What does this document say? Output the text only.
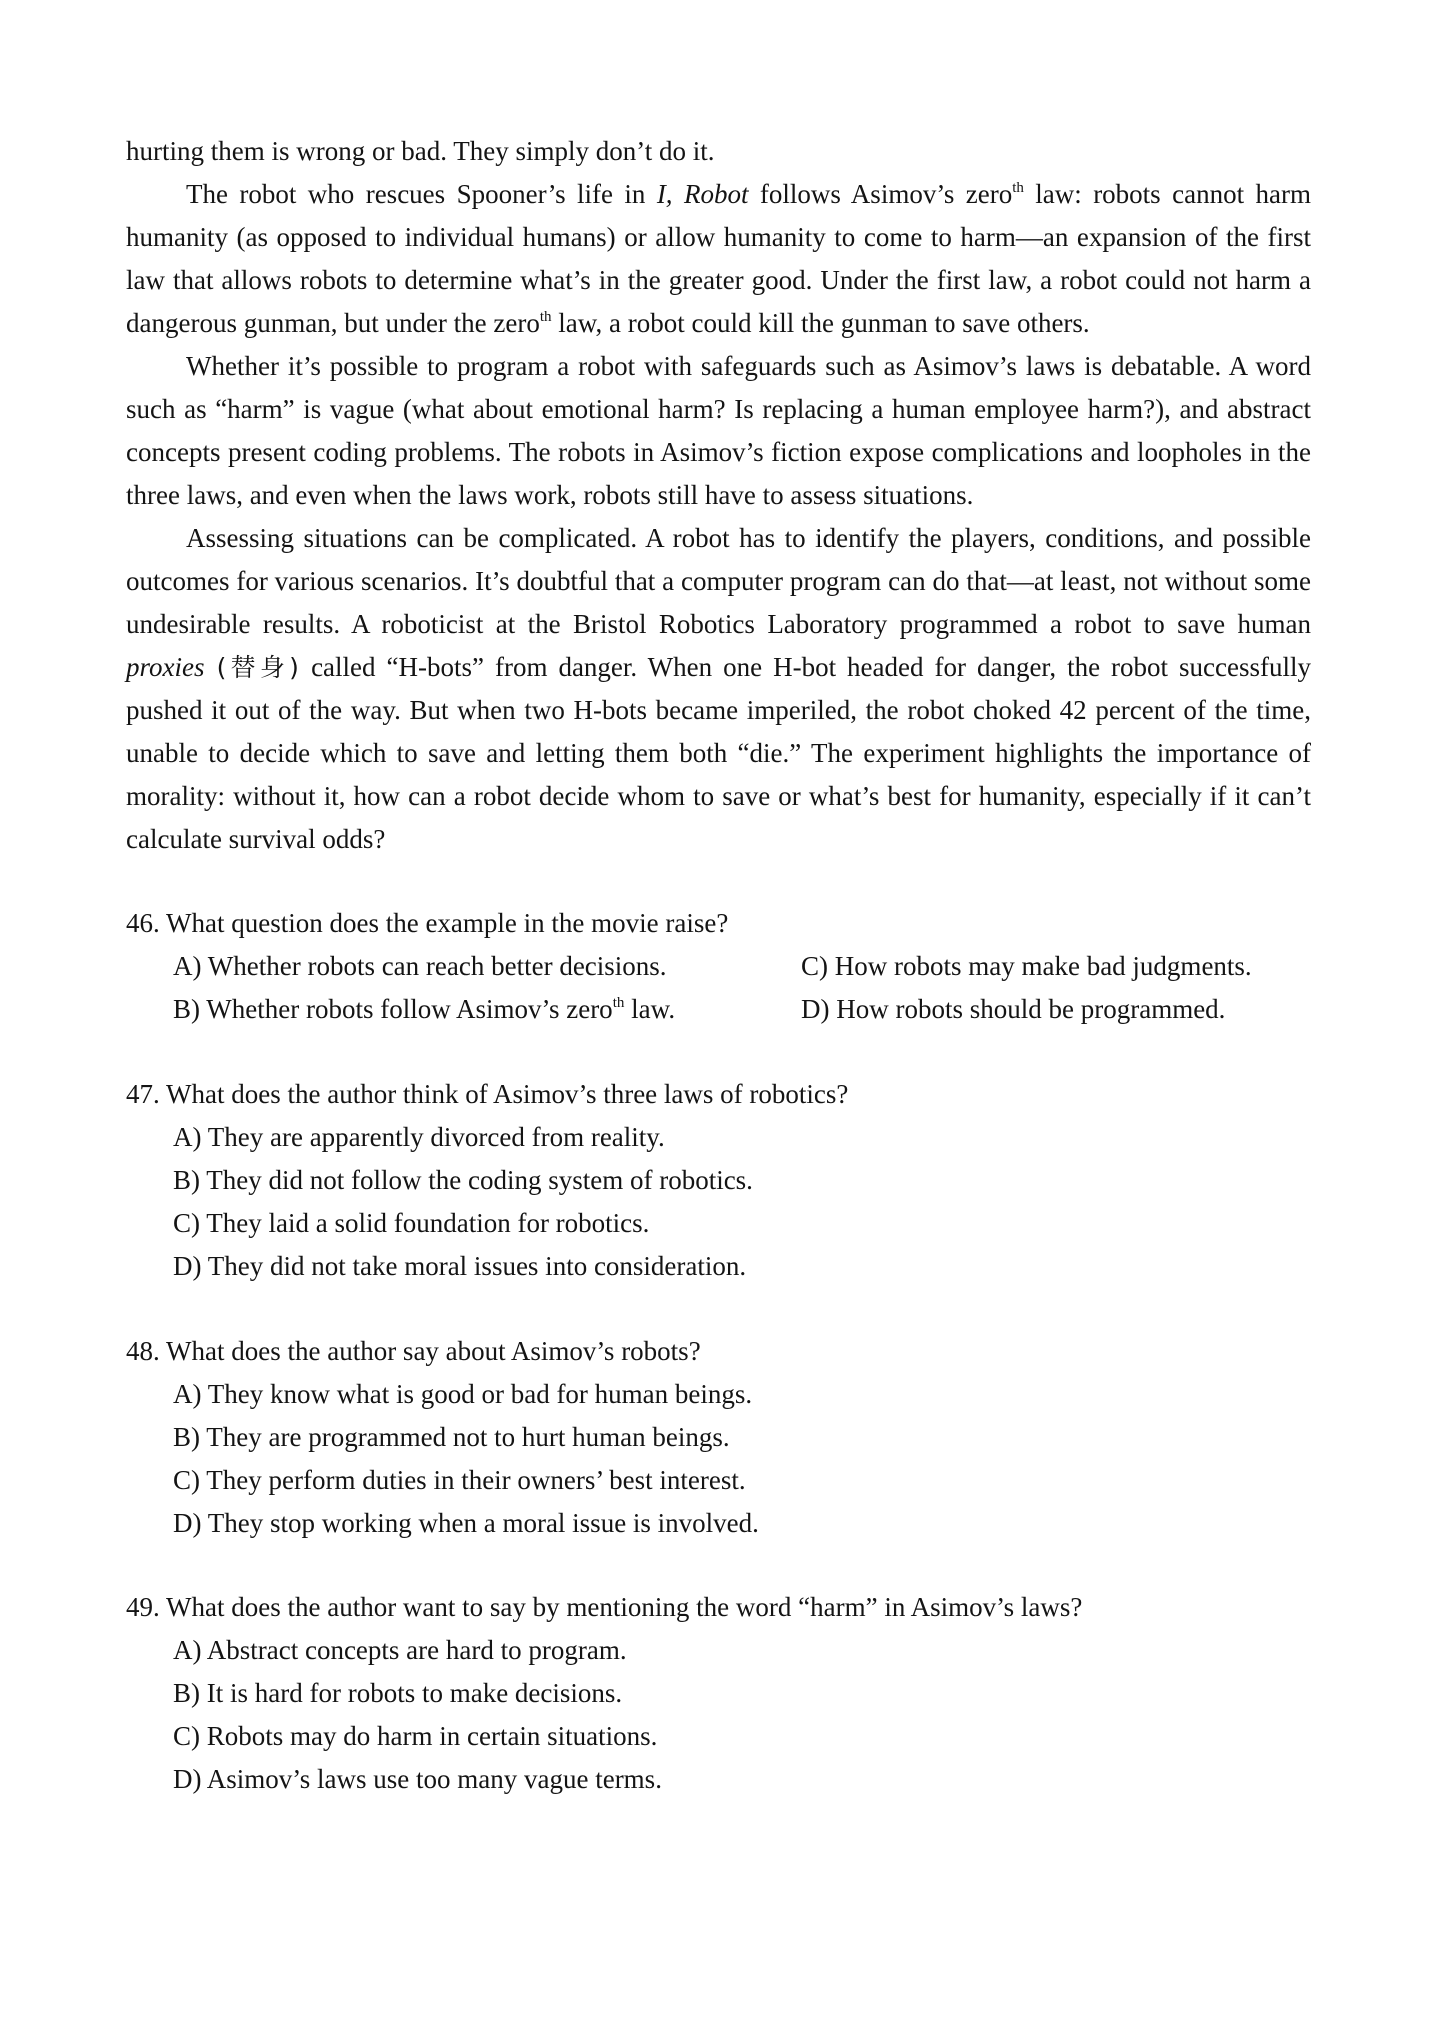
hurting them is wrong or bad. They simply don’t do it.

The robot who rescues Spooner’s life in I, Robot follows Asimov’s zero$^{th}$ law: robots cannot harm humanity (as opposed to individual humans) or allow humanity to come to harm—an expansion of the first law that allows robots to determine what’s in the greater good. Under the first law, a robot could not harm a dangerous gunman, but under the zero$^{th}$ law, a robot could kill the gunman to save others.

Whether it’s possible to program a robot with safeguards such as Asimov’s laws is debatable. A word such as “harm” is vague (what about emotional harm? Is replacing a human employee harm?), and abstract concepts present coding problems. The robots in Asimov’s fiction expose complications and loopholes in the three laws, and even when the laws work, robots still have to assess situations.

Assessing situations can be complicated. A robot has to identify the players, conditions, and possible outcomes for various scenarios. It’s doubtful that a computer program can do that—at least, not without some undesirable results. A roboticist at the Bristol Robotics Laboratory programmed a robot to save human proxies (替身) called “H-bots” from danger. When one H-bot headed for danger, the robot successfully pushed it out of the way. But when two H-bots became imperiled, the robot choked 42 percent of the time, unable to decide which to save and letting them both “die.” The experiment highlights the importance of morality: without it, how can a robot decide whom to save or what’s best for humanity, especially if it can’t calculate survival odds?

46. What question does the example in the movie raise?

A) Whether robots can reach better decisions.	C) How robots may make bad judgments.

B) Whether robots follow Asimov’s zero$^{th}$ law.	D) How robots should be programmed.

47. What does the author think of Asimov’s three laws of robotics?

A) They are apparently divorced from reality.

B) They did not follow the coding system of robotics.

C) They laid a solid foundation for robotics.

D) They did not take moral issues into consideration.

48. What does the author say about Asimov’s robots?

A) They know what is good or bad for human beings.

B) They are programmed not to hurt human beings.

C) They perform duties in their owners’ best interest.

D) They stop working when a moral issue is involved.

49. What does the author want to say by mentioning the word “harm” in Asimov’s laws?

A) Abstract concepts are hard to program.

B) It is hard for robots to make decisions.

C) Robots may do harm in certain situations.

D) Asimov’s laws use too many vague terms.
